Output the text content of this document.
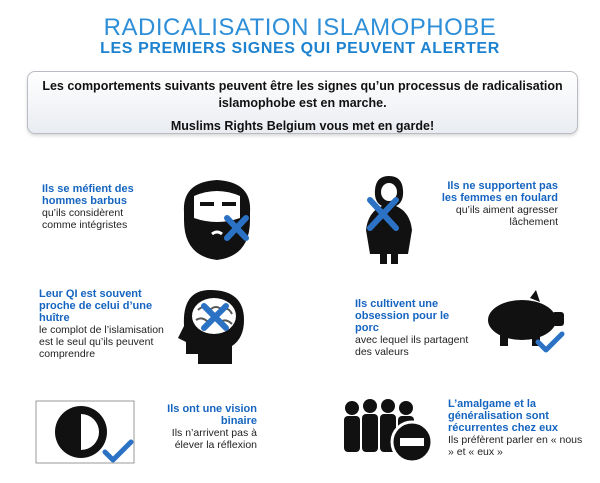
RADICALISATION ISLAMOPHOBE
LES PREMIERS SIGNES QUI PEUVENT ALERTER
Les comportements suivants peuvent être les signes qu’un processus de radicalisation islamophobe est en marche.
Muslims Rights Belgium vous met en garde!
Ils se méfient des hommes barbus
qu’ils considèrent comme intégristes
Ils ne supportent pas les femmes en foulard
qu’ils aiment agresser lâchement
Leur QI est souvent proche de celui d’une huître
le complot de l’islamisation est le seul qu’ils peuvent comprendre
Ils cultivent une obsession pour le porc
avec lequel ils partagent des valeurs
Ils ont une vision binaire
Ils n’arrivent pas à élever la réflexion
L’amalgame et la généralisation sont récurrentes chez eux
Ils préfèrent parler en « nous » et « eux »
